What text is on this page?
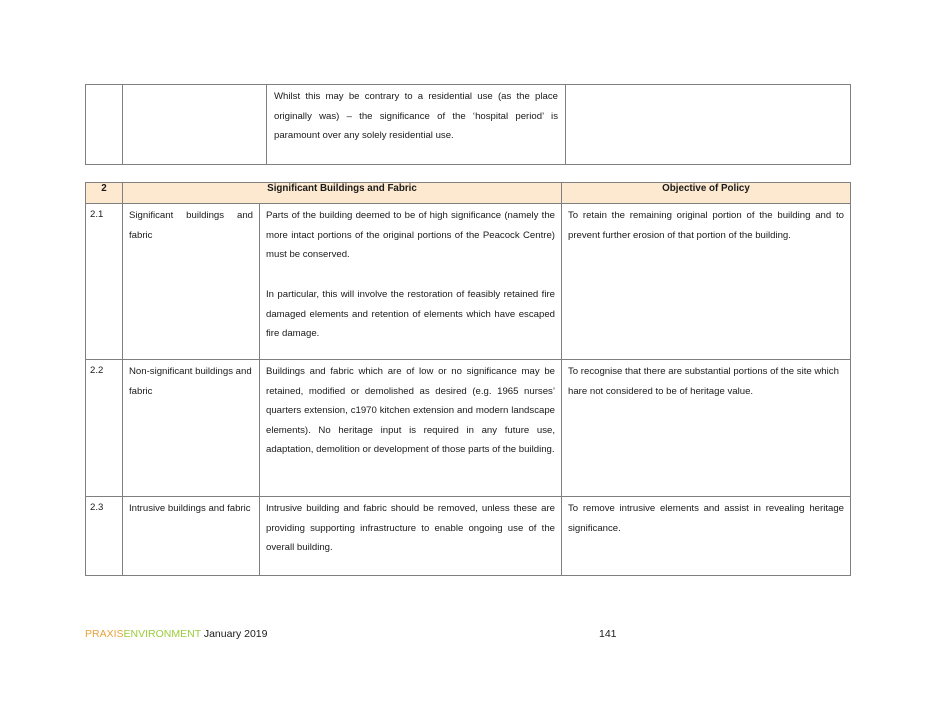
Whilst this may be contrary to a residential use (as the place originally was) – the significance of the ‘hospital period’ is paramount over any solely residential use.

2	Significant Buildings and Fabric		Objective of Policy
2.1	Significant buildings and fabric	Parts of the building deemed to be of high significance (namely the more intact portions of the original portions of the Peacock Centre) must be conserved.
In particular, this will involve the restoration of feasibly retained fire damaged elements and retention of elements which have escaped fire damage.	To retain the remaining original portion of the building and to prevent further erosion of that portion of the building.

2.2	Non-significant buildings and fabric	Buildings and fabric which are of low or no significance may be retained, modified or demolished as desired (e.g. 1965 nurses’ quarters extension, c1970 kitchen extension and modern landscape elements). No heritage input is required in any future use, adaptation, demolition or development of those parts of the building.	To recognise that there are substantial portions of the site which hare not considered to be of heritage value.

2.3	Intrusive buildings and fabric	Intrusive building and fabric should be removed, unless these are providing supporting infrastructure to enable ongoing use of the overall building.	To remove intrusive elements and assist in revealing heritage significance.
PRAXISENVIRONMENT January 2019	141
